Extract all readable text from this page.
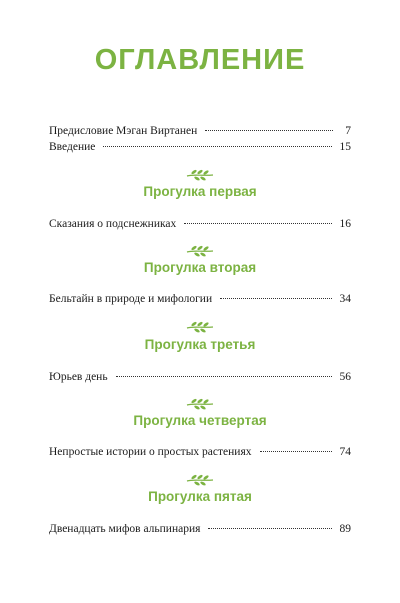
ОГЛАВЛЕНИЕ
Предисловие Мэган Виртанен	7
Введение	15
Прогулка первая
Сказания о подснежниках	16
Прогулка вторая
Бельтайн в природе и мифологии	34
Прогулка третья
Юрьев день	56
Прогулка четвертая
Непростые истории о простых растениях	74
Прогулка пятая
Двенадцать мифов альпинария	89
